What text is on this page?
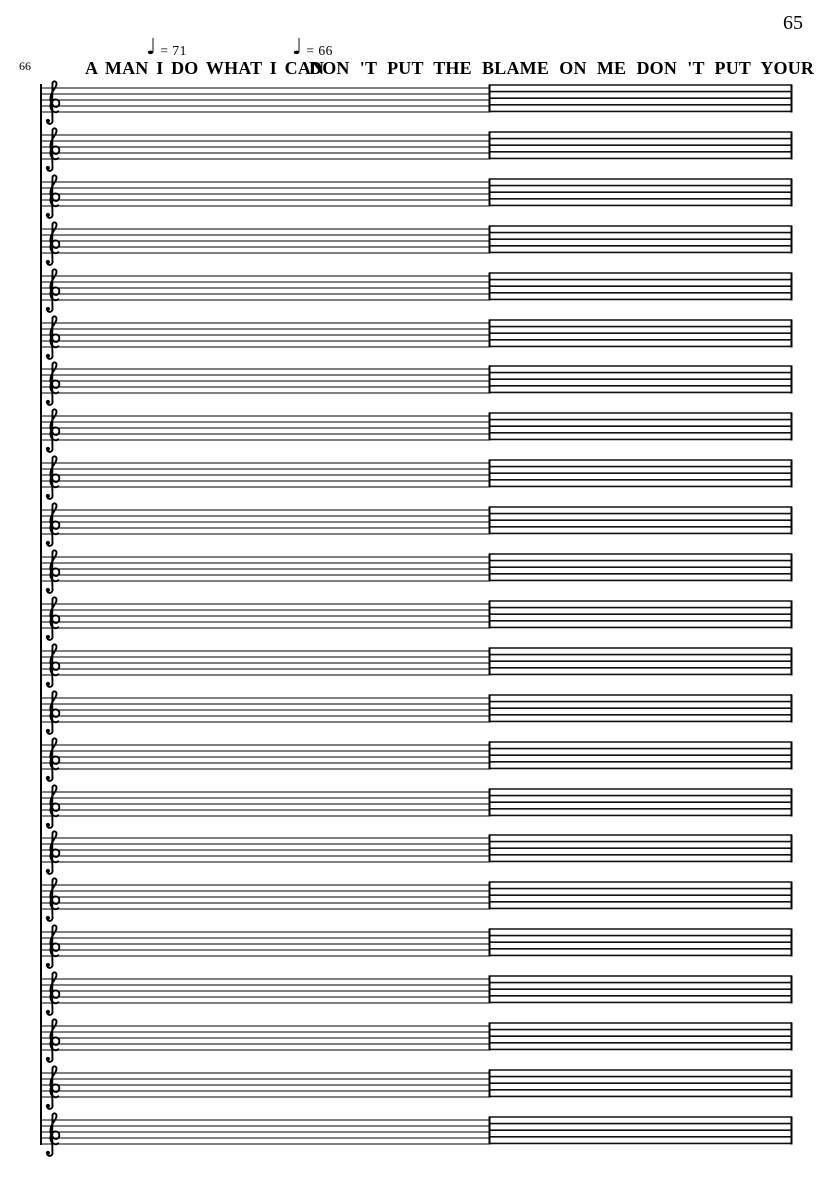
65
♩ = 71	♩ = 66
66	A MAN I DO WHAT I CAN
DON 'T PUT THE BLAME ON ME DON 'T PUT YOUR
